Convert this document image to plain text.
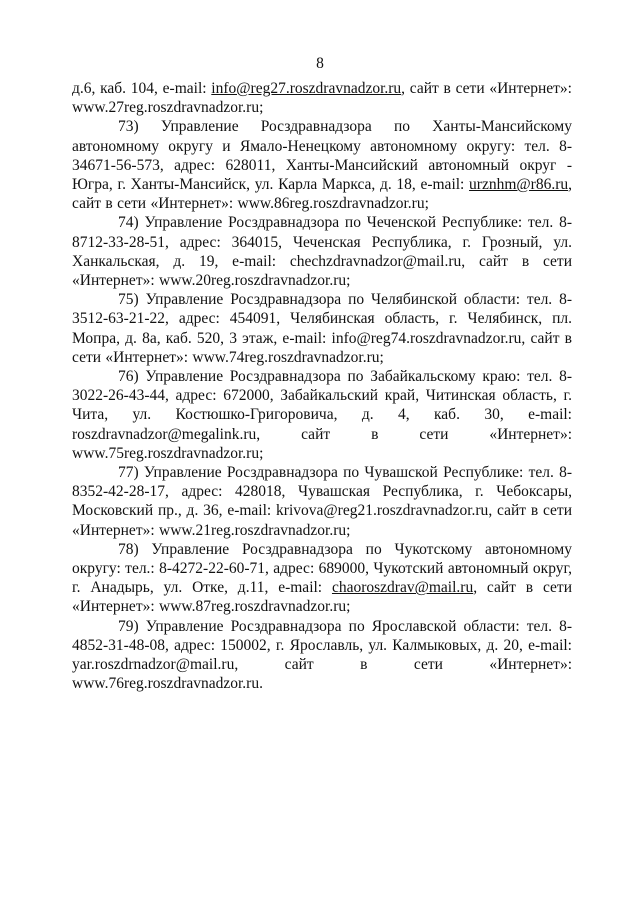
8

д.6, каб. 104, e-mail: info@reg27.roszdravnadzor.ru, сайт в сети «Интернет»: www.27reg.roszdravnadzor.ru;

73) Управление Росздравнадзора по Ханты-Мансийскому автономному округу и Ямало-Ненецкому автономному округу: тел. 8-34671-56-573, адрес: 628011, Ханты-Мансийский автономный округ - Югра, г. Ханты-Мансийск, ул. Карла Маркса, д. 18, e-mail: urznhm@r86.ru, сайт в сети «Интернет»: www.86reg.roszdravnadzor.ru;

74) Управление Росздравнадзора по Чеченской Республике: тел. 8-8712-33-28-51, адрес: 364015, Чеченская Республика, г. Грозный, ул. Ханкальская, д. 19, e-mail: chechzdravnadzor@mail.ru, сайт в сети «Интернет»: www.20reg.roszdravnadzor.ru;

75) Управление Росздравнадзора по Челябинской области: тел. 8-3512-63-21-22, адрес: 454091, Челябинская область, г. Челябинск, пл. Мопра, д. 8а, каб. 520, 3 этаж, e-mail: info@reg74.roszdravnadzor.ru, сайт в сети «Интернет»: www.74reg.roszdravnadzor.ru;

76) Управление Росздравнадзора по Забайкальскому краю: тел. 8-3022-26-43-44, адрес: 672000, Забайкальский край, Читинская область, г. Чита, ул. Костюшко-Григоровича, д. 4, каб. 30, e-mail: roszdravnadzor@megalink.ru, сайт в сети «Интернет»: www.75reg.roszdravnadzor.ru;

77) Управление Росздравнадзора по Чувашской Республике: тел. 8-8352-42-28-17, адрес: 428018, Чувашская Республика, г. Чебоксары, Московский пр., д. 36, e-mail: krivova@reg21.roszdravnadzor.ru, сайт в сети «Интернет»: www.21reg.roszdravnadzor.ru;

78) Управление Росздравнадзора по Чукотскому автономному округу: тел.: 8-4272-22-60-71, адрес: 689000, Чукотский автономный округ, г. Анадырь, ул. Отке, д.11, e-mail: chaoroszdrav@mail.ru, сайт в сети «Интернет»: www.87reg.roszdravnadzor.ru;

79) Управление Росздравнадзора по Ярославской области: тел. 8-4852-31-48-08, адрес: 150002, г. Ярославль, ул. Калмыковых, д. 20, e-mail: yar.roszdrnadzor@mail.ru, сайт в сети «Интернет»: www.76reg.roszdravnadzor.ru.
